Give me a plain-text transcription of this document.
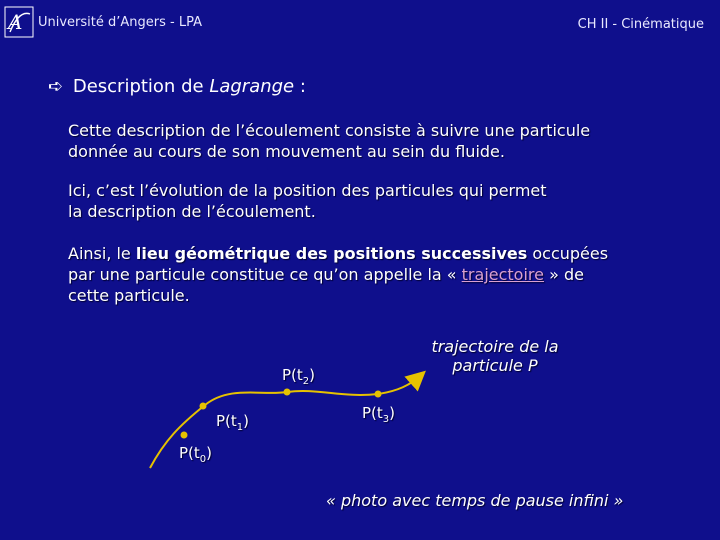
A Université d’Angers - LPA	CH II - Cinématique
➪ Description de Lagrange :
Cette description de l’écoulement consiste à suivre une particule
donnée au cours de son mouvement au sein du fluide.
Ici, c’est l’évolution de la position des particules qui permet
la description de l’écoulement.
Ainsi, le lieu géométrique des positions successives occupées
par une particule constitue ce qu’on appelle la « trajectoire » de
cette particule.
$P(t_0)$
$P(t_1)$
$P(t_2)$
$P(t_3)$
trajectoire de la
particule P
« photo avec temps de pause infini »
